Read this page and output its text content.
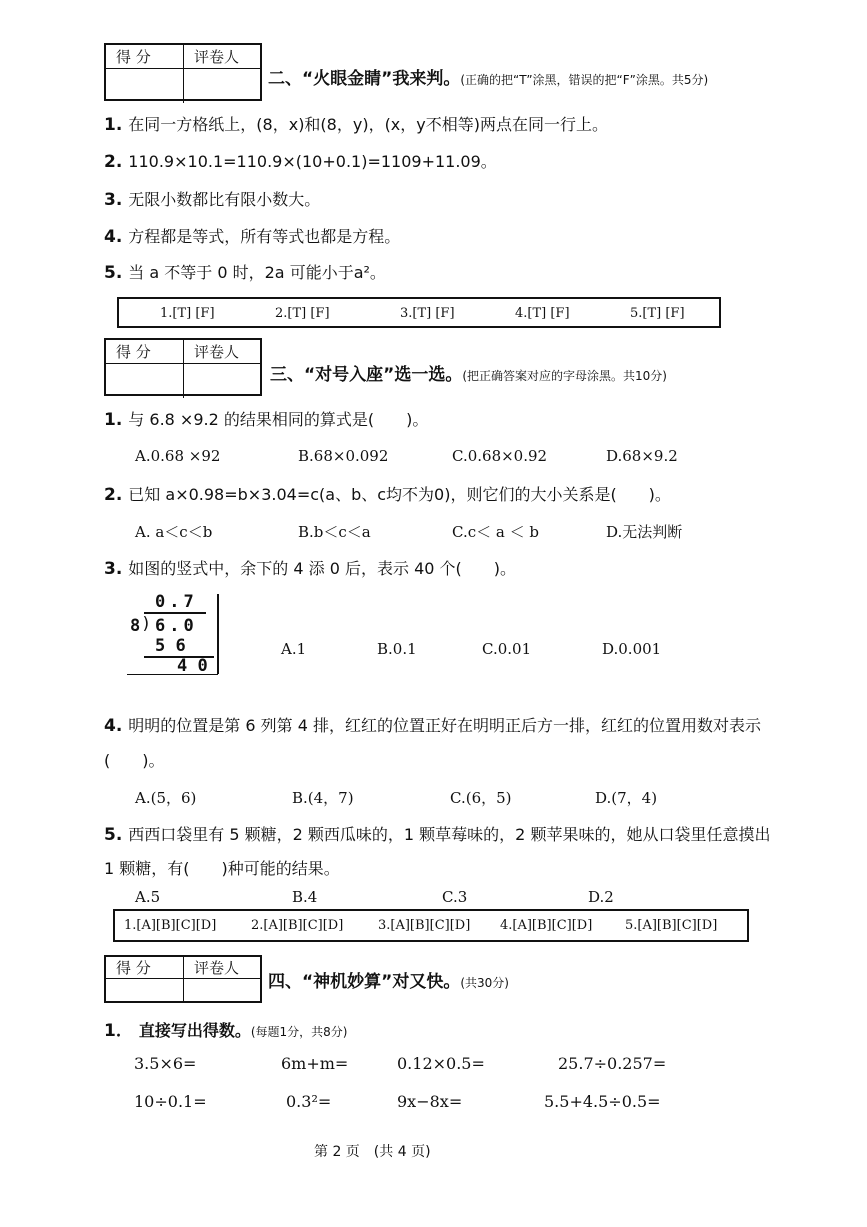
得 分	评卷人
二、“火眼金睛”我来判。(正确的把“T”涂黑，错误的把“F”涂黑。共5分)
1. 在同一方格纸上，(8，x)和(8，y)，(x，y不相等)两点在同一行上。
2. 110.9×10.1=110.9×(10+0.1)=1109+11.09。
3. 无限小数都比有限小数大。
4. 方程都是等式，所有等式也都是方程。
5. 当 a 不等于 0 时，2a 可能小于a²。
1.[T] [F]	2.[T] [F]	3.[T] [F]	4.[T] [F]	5.[T] [F]
得 分	评卷人
三、“对号入座”选一选。(把正确答案对应的字母涂黑。共10分)
1. 与 6.8 ×9.2 的结果相同的算式是(　　)。
A.0.68 ×92	B.68×0.092	C.0.68×0.92	D.68×9.2
2. 已知 a×0.98=b×3.04=c(a、b、c均不为0)，则它们的大小关系是(　　)。
A. a＜c＜b	B.b＜c＜a	C.c＜ a ＜ b	D.无法判断
3. 如图的竖式中，余下的 4 添 0 后，表示 40 个(　　)。
0.7
8 ) 6.0
5 6
4 0
A.1	B.0.1	C.0.01	D.0.001
4. 明明的位置是第 6 列第 4 排，红红的位置正好在明明正后方一排，红红的位置用数对表示
(　　)。
A.(5，6)	B.(4，7)	C.(6，5)	D.(7，4)
5. 西西口袋里有 5 颗糖，2 颗西瓜味的，1 颗草莓味的，2 颗苹果味的，她从口袋里任意摸出
1 颗糖，有(　　)种可能的结果。
A.5	B.4	C.3	D.2
1.[A][B][C][D]	2.[A][B][C][D]	3.[A][B][C][D] 4.[A][B][C][D]	5.[A][B][C][D]
得 分	评卷人
四、“神机妙算”对又快。(共30分)
1． 直接写出得数。(每题1分，共8分)
3.5×6=	6m+m=	0.12×0.5=	25.7÷0.257=
10÷0.1=	0.3²=	9x−8x=	5.5+4.5÷0.5=
第 2 页　(共 4 页)
